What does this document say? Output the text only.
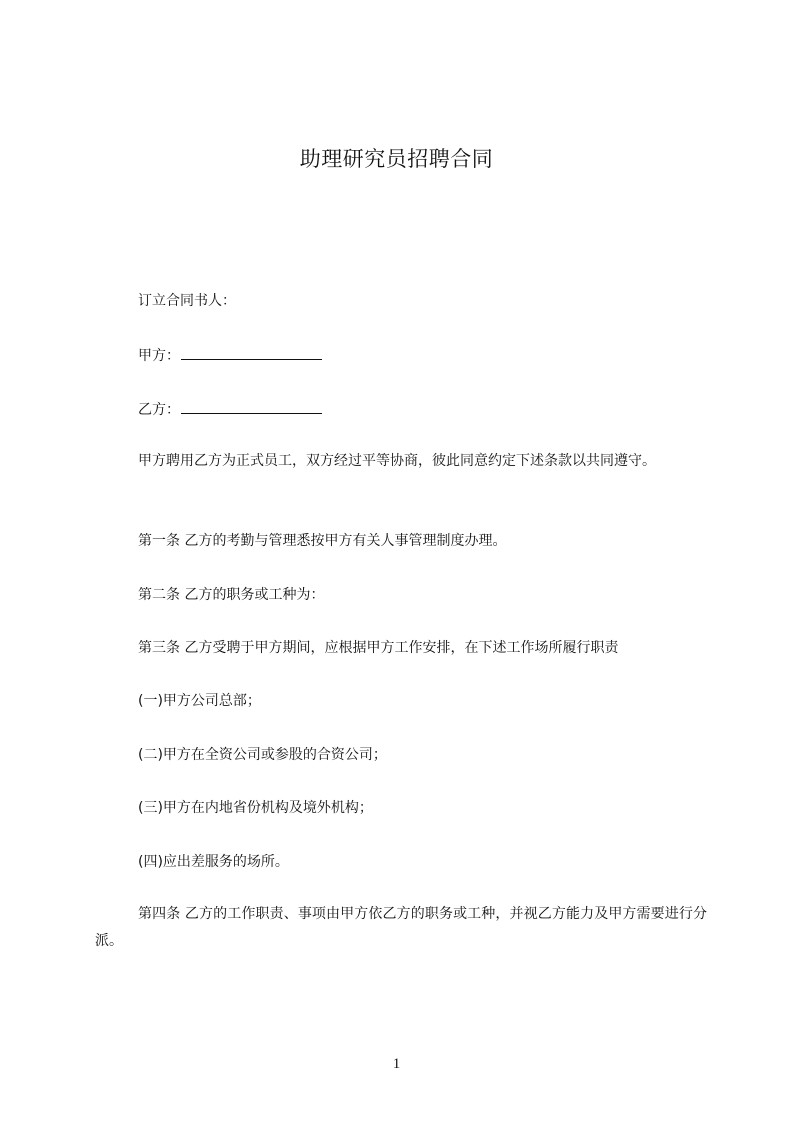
助理研究员招聘合同

订立合同书人：

甲方：

乙方：

甲方聘用乙方为正式员工，双方经过平等协商，彼此同意约定下述条款以共同遵守。

第一条 乙方的考勤与管理悉按甲方有关人事管理制度办理。

第二条 乙方的职务或工种为：

第三条 乙方受聘于甲方期间，应根据甲方工作安排，在下述工作场所履行职责

(一)甲方公司总部；

(二)甲方在全资公司或参股的合资公司；

(三)甲方在内地省份机构及境外机构；

(四)应出差服务的场所。

第四条 乙方的工作职责、事项由甲方依乙方的职务或工种，并视乙方能力及甲方需要进行分派。

1
